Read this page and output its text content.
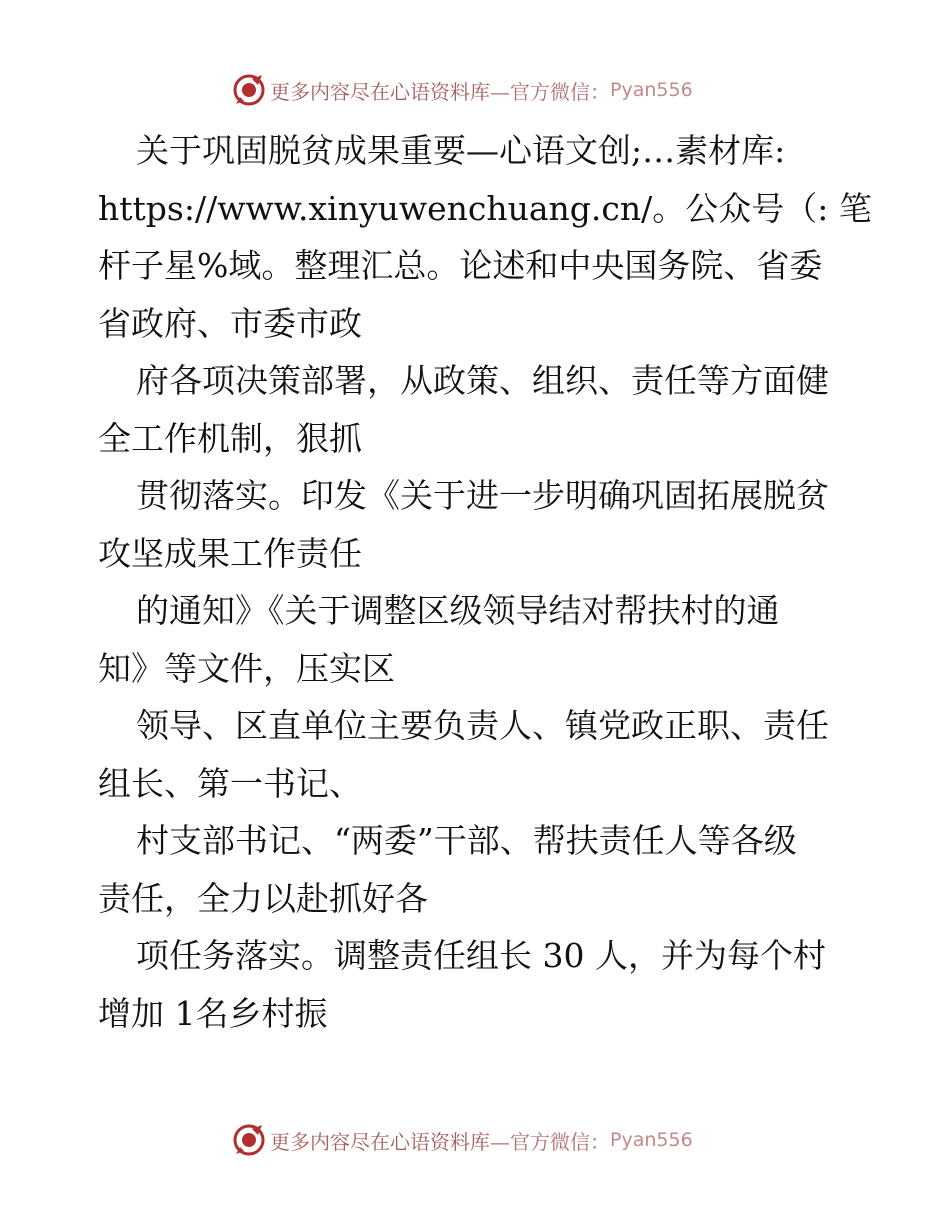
更多内容尽在心语资料库 —官方微信： Pyan556
关于巩固脱贫成果重要—心语文创;…素材库:
https://www.xinyuwenchuang.cn/。公众号（: 笔
杆子星%域。整理汇总。论述和中央国务院、省委
省政府、市委市政
府各项决策部署，从政策、组织、责任等方面健
全工作机制，狠抓
贯彻落实。印发《关于进一步明确巩固拓展脱贫
攻坚成果工作责任
的通知》《关于调整区级领导结对帮扶村的通
知》等文件，压实区
领导、区直单位主要负责人、镇党政正职、责任
组长、第一书记、
村支部书记、“两委”干部、帮扶责任人等各级
责任，全力以赴抓好各
项任务落实。调整责任组长 30 人，并为每个村
增加 1名乡村振
更多内容尽在心语资料库 —官方微信： Pyan556
